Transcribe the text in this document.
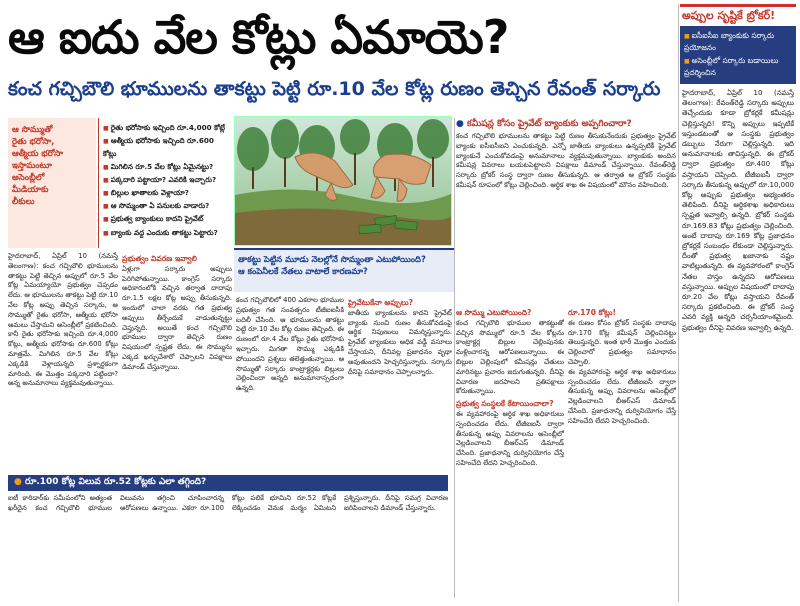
ఆ ఐదు వేల కోట్లు ఏమాయె?
కంచ గచ్చిబౌలి భూములను తాకట్టు పెట్టి రూ.10 వేల కోట్ల రుణం తెచ్చిన రేవంత్ సర్కారు
అప్పుల సృష్టికే బ్రోకర్!
■ ఐసీఐసీఐ బ్యాంకుకు సర్కారు ప్రయోజనం
■ అసెంబ్లీలో సర్కారు బడాయిలు ప్రదర్శించిన
హైదరాబాద్, ఏప్రిల్ 10 (నమస్తే తెలంగాణ): రేవంత్‌రెడ్డి సర్కారు అప్పులు తెచ్చేందుకు కూడా బ్రోకర్లకే కమీషన్లు చెల్లిస్తున్నది! కొన్ని అప్పులు ఇప్పటికే ఇస్తుండటంతో ఆ సంస్థకు ప్రభుత్వం డబ్బులు నేరుగా చెల్లిస్తున్నది. ఇది అనుమానాలకు తావిస్తున్నది. ఈ బ్రోకర్ ద్వారా ప్రభుత్వం రూ.400 కోట్లు వస్తాయని చెప్పింది. టీజీఐఐసీ ద్వారా సర్కారు తీసుకున్న అప్పులో రూ.10,000 కోట్ల అప్పుకు ప్రభుత్వం అభ్యంతరం తెలిపింది. దీనిపై ఆర్థికశాఖ అధికారులు స్పష్టత ఇవ్వాల్సి ఉన్నది. బ్రోకర్ సంస్థకు రూ.169.83 కోట్లు ప్రభుత్వం చెల్లించింది. అంటే దాదాపు రూ.169 కోట్ల ప్రజాధనం బ్రోకర్లకే సంబంధం లేకుండా చెల్లిస్తున్నారు. దీంతో ప్రభుత్వ ఖజానాకు నష్టం వాటిల్లుతున్నది. ఈ వ్యవహారంలో కాంగ్రెస్ నేతల హస్తం ఉన్నదని ఆరోపణలు వస్తున్నాయి. అప్పుల విషయంలో దాదాపు రూ.20 వేల కోట్లు వస్తాయని రేవంత్ సర్కారు ప్రకటించింది. ఈ బ్రోకర్ సంస్థ ఎవరి వ్యక్తి అన్నది చర్చనీయాంశమైంది. ప్రభుత్వం దీనిపై వివరణ ఇవ్వాల్సి ఉన్నది.

ఆ సొమ్ముతో

రైతు భరోసా,

ఆత్మీయ భరోసా

ఇస్తామంటూ

అసెంబ్లీలో

మీడియాకు

లీకులు

■ రైతు భరోసాకు ఇచ్చింది రూ.4,000 కోట్లే
■ ఆత్మీయ భరోసాకు ఇచ్చింది రూ.600 కోట్లు
■ మిగిలిన రూ.5 వేల కోట్లు ఏమైనట్టు?
■ పక్కదారి పట్టాయా? ఎవరికి ఇచ్చారు?
■ బిల్లుల ఖాతాలకు వెళ్లాయా?
■ ఆ సొమ్మంతా ఏ పనులకు వాడారు?
■ ప్రభుత్వ బ్యాంకులు కాదని ప్రైవేట్
■ బ్యాంకు వద్ద ఎందుకు తాకట్టు పెట్టారు?
● కమీషన్ల కోసం ప్రైవేట్ బ్యాంకుకు అప్పగించారా?
కంచ గచ్చిబౌలి భూములను తాకట్టు పెట్టి రుణం తీసుకునేందుకు ప్రభుత్వం ప్రైవేట్ బ్యాంకు ఐసీఐసీఐని ఎంచుకున్నది. ఎన్నో జాతీయ బ్యాంకులు ఉన్నప్పటికీ ప్రైవేట్ బ్యాంకునే ఎంచుకోవడంపై అనుమానాలు వ్యక్తమవుతున్నాయి. బ్యాంకుకు అందిన కమీషన్ల వివరాలు బయటపెట్టాలని విపక్షాలు డిమాండ్ చేస్తున్నాయి. రేవంత్‌రెడ్డి సర్కారు బ్రోకర్ సంస్థ ద్వారా రుణం తీసుకున్నది. ఆ తర్వాత ఆ బ్రోకర్ సంస్థకు కమీషన్ రూపంలో కోట్లు చెల్లించింది. ఆర్థిక శాఖ ఈ విషయంలో మౌనం వహించింది.

తాకట్టు పెట్టిన మూడు నెలల్లోనే సొమ్మంతా ఎటుపోయింది?

ఆ కంపెనీలకే నేతలు వాటాలే కారణమా?

హైదరాబాద్, ఏప్రిల్ 10 (నమస్తే తెలంగాణ): కంచ గచ్చిబౌలి భూములను తాకట్టు పెట్టి తెచ్చిన అప్పులో రూ.5 వేల కోట్ల ఏమయ్యాయో ప్రభుత్వం చెప్పడం లేదు. ఆ భూములను తాకట్టు పెట్టి రూ.10 వేల కోట్ల అప్పు తెచ్చిన సర్కారు, ఆ సొమ్ముతో రైతు భరోసా, ఆత్మీయ భరోసా అమలు చేస్తామని అసెంబ్లీలో ప్రకటించింది. కానీ రైతు భరోసాకు ఇచ్చింది రూ.4,000 కోట్లు, ఆత్మీయ భరోసాకు రూ.600 కోట్లు మాత్రమే. మిగిలిన రూ.5 వేల కోట్లు ఎక్కడికి వెళ్లాయన్నది ప్రశ్నార్థకంగా మారింది. ఈ మొత్తం పక్కదారి పట్టిందా? అన్న అనుమానాలు వ్యక్తమవుతున్నాయి.
ప్రభుత్వం వివరణ ఇవ్వాలి
ఏళ్లుగా సర్కారు అప్పులు పెరిగిపోతున్నాయి. కాంగ్రెస్ సర్కారు అధికారంలోకి వచ్చిన తర్వాత దాదాపు రూ.1.5 లక్షల కోట్ల అప్పు తీసుకున్నది. ఇందులో చాలా వరకు గత ప్రభుత్వ అప్పులు తీర్చేందుకే వాడుతున్నట్టు చెప్తున్నది. అయితే కంచ గచ్చిబౌలి భూముల ద్వారా తెచ్చిన రుణం విషయంలో స్పష్టత లేదు. ఈ సొమ్మును ఎక్కడ ఖర్చుచేశారో చెప్పాలని విపక్షాలు డిమాండ్ చేస్తున్నాయి.
కంచ గచ్చిబౌలిలో 400 ఎకరాల భూముల ప్రభుత్వం గత సంవత్సరం టీజీఐఐసీకి బదిలీ చేసింది. ఆ భూములను తాకట్టు పెట్టి రూ.10 వేల కోట్ల రుణం తెచ్చింది. ఈ రుణంలో రూ.4 వేల కోట్లు రైతు భరోసాకు ఇచ్చారు. మిగతా సొమ్ము ఎక్కడికి పోయిందని ప్రశ్నలు తలెత్తుతున్నాయి. ఆ సొమ్ముతో సర్కారు కాంట్రాక్టర్లకు బిల్లులు చెల్లించిందా అన్నది అనుమానాస్పదంగా ఉన్నది.
ప్రైవేటుకేనా అప్పులు?
జాతీయ బ్యాంకులను కాదని ప్రైవేట్ బ్యాంకు నుంచి రుణం తీసుకోవడంపై ఆర్థిక నిపుణులు విమర్శిస్తున్నారు. ప్రైవేట్ బ్యాంకులు అధిక వడ్డీ వసూలు చేస్తాయని, దీనివల్ల ప్రజాధనం వృథా అవుతుందని హెచ్చరిస్తున్నారు. సర్కారు దీనిపై సమాధానం చెప్పాలన్నారు.
ఆ సొమ్ము ఎటుపోయింది?
కంచ గచ్చిబౌలి భూముల తాకట్టుతో వచ్చిన సొమ్ములో రూ.5 వేల కోట్లను కాంట్రాక్టర్ల బిల్లుల చెల్లింపునకు మళ్లించారన్న ఆరోపణలున్నాయి. ఈ బిల్లుల చెల్లింపులో కమీషన్లు చేతులు మారినట్టు ప్రచారం జరుగుతున్నది. దీనిపై విచారణ జరపాలని ప్రతిపక్షాలు కోరుతున్నాయి.
ప్రభుత్వ సంస్థలకే కేటాయించాలా?
ఈ వ్యవహారంపై ఆర్థిక శాఖ అధికారులు స్పందించడం లేదు. టీజీఐఐసీ ద్వారా తీసుకున్న అప్పు వివరాలను అసెంబ్లీలో వెల్లడించాలని బీఆర్‌ఎస్ డిమాండ్ చేసింది. ప్రజాధనాన్ని దుర్వినియోగం చేస్తే సహించేది లేదని హెచ్చరించింది.
రూ.170 కోట్లు!
ఈ రుణం కోసం బ్రోకర్ సంస్థకు దాదాపు రూ.170 కోట్ల కమీషన్ చెల్లించినట్టు తెలుస్తున్నది. ఇంత భారీ మొత్తం ఎందుకు చెల్లించారో ప్రభుత్వం సమాధానం చెప్పాలి.
ఈ వ్యవహారంపై ఆర్థిక శాఖ అధికారులు స్పందించడం లేదు. టీజీఐఐసీ ద్వారా తీసుకున్న అప్పు వివరాలను అసెంబ్లీలో వెల్లడించాలని బీఆర్‌ఎస్ డిమాండ్ చేసింది. ప్రజాధనాన్ని దుర్వినియోగం చేస్తే సహించేది లేదని హెచ్చరించింది.
● రూ.100 కోట్ల విలువ రూ.52 కోట్లకు ఎలా తగ్గింది?
ఐటీ కారిడార్‌కు సమీపంలోని అత్యంత ఖరీదైన కంచ గచ్చిబౌలి భూముల విలువను తగ్గించి చూపించారన్న ఆరోపణలు ఉన్నాయి. ఎకరా రూ.100 కోట్లు పలికే భూమిని రూ.52 కోట్లకే లెక్కించడం వెనుక మర్మం ఏమిటని ప్రశ్నిస్తున్నారు. దీనిపై సమగ్ర విచారణ జరిపించాలని డిమాండ్ చేస్తున్నారు.
